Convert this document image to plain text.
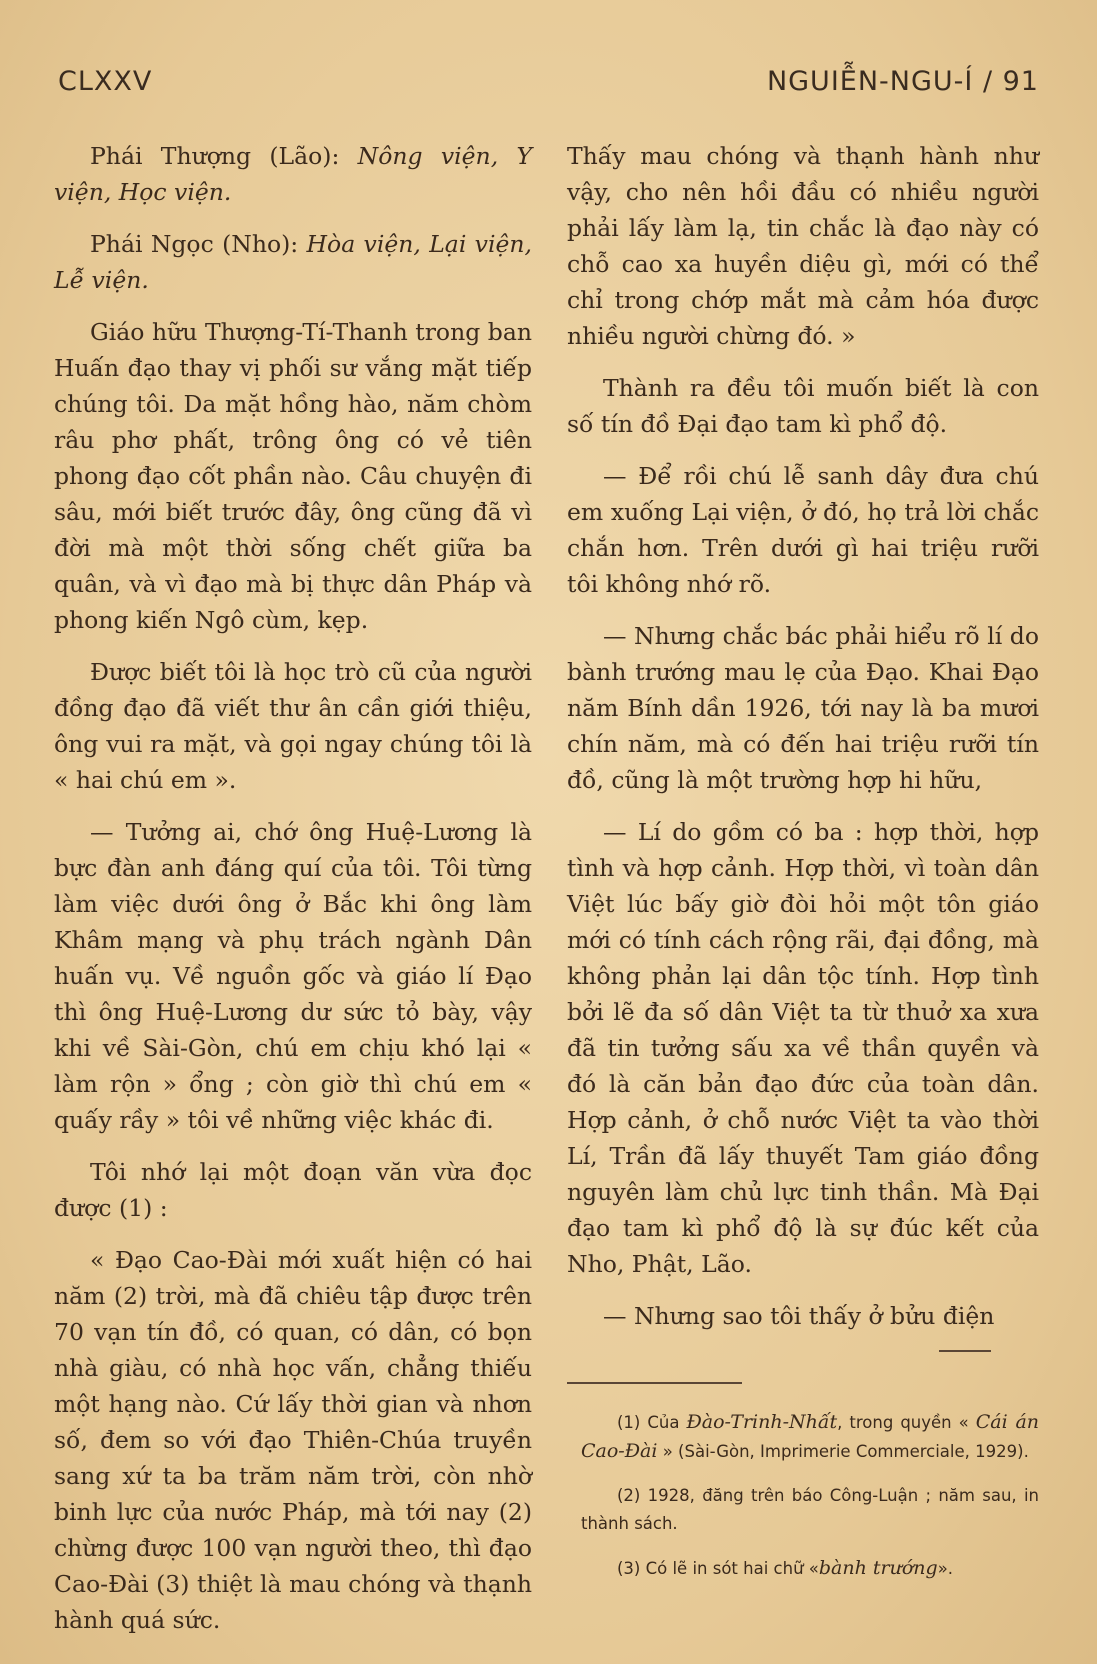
CLXXV	NGUIỄN-NGU-Í / 91

Phái Thượng (Lão): Nông viện, Y viện, Học viện.

Phái Ngọc (Nho): Hòa viện, Lại viện, Lễ viện.

Giáo hữu Thượng-Tí-Thanh trong ban Huấn đạo thay vị phối sư vắng mặt tiếp chúng tôi. Da mặt hồng hào, năm chòm râu phơ phất, trông ông có vẻ tiên phong đạo cốt phần nào. Câu chuyện đi sâu, mới biết trước đây, ông cũng đã vì đời mà một thời sống chết giữa ba quân, và vì đạo mà bị thực dân Pháp và phong kiến Ngô cùm, kẹp.

Được biết tôi là học trò cũ của người đồng đạo đã viết thư ân cần giới thiệu, ông vui ra mặt, và gọi ngay chúng tôi là « hai chú em ».

— Tưởng ai, chớ ông Huệ-Lương là bực đàn anh đáng quí của tôi. Tôi từng làm việc dưới ông ở Bắc khi ông làm Khâm mạng và phụ trách ngành Dân huấn vụ. Về nguồn gốc và giáo lí Đạo thì ông Huệ-Lương dư sức tỏ bày, vậy khi về Sài-Gòn, chú em chịu khó lại « làm rộn » ổng ; còn giờ thì chú em « quấy rầy » tôi về những việc khác đi.

Tôi nhớ lại một đoạn văn vừa đọc được (1) :

« Đạo Cao-Đài mới xuất hiện có hai năm (2) trời, mà đã chiêu tập được trên 70 vạn tín đồ, có quan, có dân, có bọn nhà giàu, có nhà học vấn, chẳng thiếu một hạng nào. Cứ lấy thời gian và nhơn số, đem so với đạo Thiên-Chúa truyền sang xứ ta ba trăm năm trời, còn nhờ binh lực của nước Pháp, mà tới nay (2) chừng được 100 vạn người theo, thì đạo Cao-Đài (3) thiệt là mau chóng và thạnh hành quá sức.

Thấy mau chóng và thạnh hành như vậy, cho nên hồi đầu có nhiều người phải lấy làm lạ, tin chắc là đạo này có chỗ cao xa huyền diệu gì, mới có thể chỉ trong chớp mắt mà cảm hóa được nhiều người chừng đó. »

Thành ra đều tôi muốn biết là con số tín đồ Đại đạo tam kì phổ độ.

— Để rồi chú lễ sanh dây đưa chú em xuống Lại viện, ở đó, họ trả lời chắc chắn hơn. Trên dưới gì hai triệu rưỡi tôi không nhớ rõ.

— Nhưng chắc bác phải hiểu rõ lí do bành trướng mau lẹ của Đạo. Khai Đạo năm Bính dần 1926, tới nay là ba mươi chín năm, mà có đến hai triệu rưỡi tín đồ, cũng là một trường hợp hi hữu,

— Lí do gồm có ba : hợp thời, hợp tình và hợp cảnh. Hợp thời, vì toàn dân Việt lúc bấy giờ đòi hỏi một tôn giáo mới có tính cách rộng rãi, đại đồng, mà không phản lại dân tộc tính. Hợp tình bởi lẽ đa số dân Việt ta từ thuở xa xưa đã tin tưởng sấu xa về thần quyền và đó là căn bản đạo đức của toàn dân. Hợp cảnh, ở chỗ nước Việt ta vào thời Lí, Trần đã lấy thuyết Tam giáo đồng nguyên làm chủ lực tinh thần. Mà Đại đạo tam kì phổ độ là sự đúc kết của Nho, Phật, Lão.

— Nhưng sao tôi thấy ở bửu điện

(1) Của Đào-Trinh-Nhất, trong quyền « Cái án Cao-Đài » (Sài-Gòn, Imprimerie Commerciale, 1929).

(2) 1928, đăng trên báo Công-Luận ; năm sau, in thành sách.

(3) Có lẽ in sót hai chữ «bành trướng».
